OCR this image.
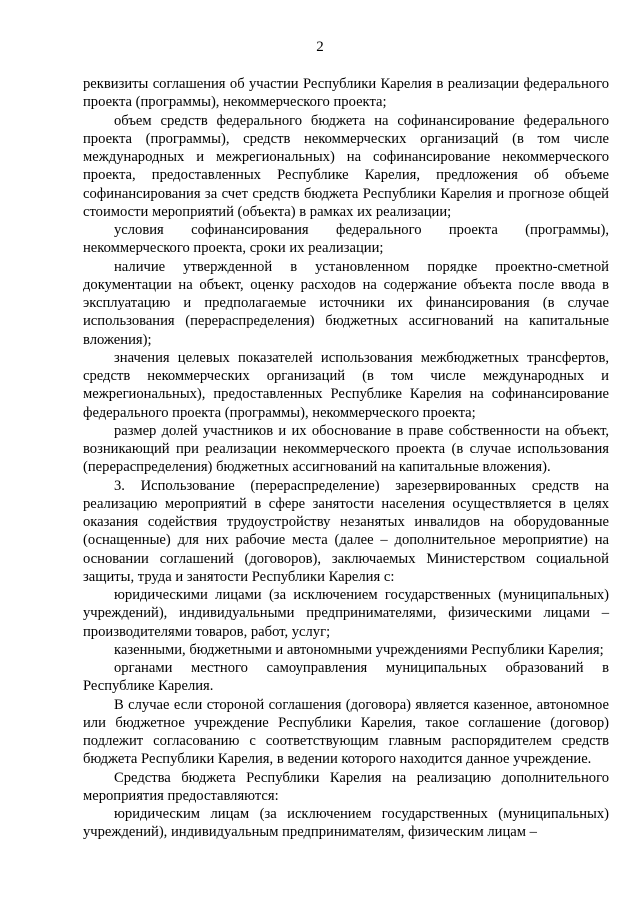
2

реквизиты соглашения об участии Республики Карелия в реализации федерального проекта (программы), некоммерческого проекта;

объем средств федерального бюджета на софинансирование федерального проекта (программы), средств некоммерческих организаций (в том числе международных и межрегиональных) на софинансирование некоммерческого проекта, предоставленных Республике Карелия, предложения об объеме софинансирования за счет средств бюджета Республики Карелия и прогнозе общей стоимости мероприятий (объекта) в рамках их реализации;

условия софинансирования федерального проекта (программы), некоммерческого проекта, сроки их реализации;

наличие утвержденной в установленном порядке проектно-сметной документации на объект, оценку расходов на содержание объекта после ввода в эксплуатацию и предполагаемые источники их финансирования (в случае использования (перераспределения) бюджетных ассигнований на капитальные вложения);

значения целевых показателей использования межбюджетных трансфертов, средств некоммерческих организаций (в том числе международных и межрегиональных), предоставленных Республике Карелия на софинансирование федерального проекта (программы), некоммерческого проекта;

размер долей участников и их обоснование в праве собственности на объект, возникающий при реализации некоммерческого проекта (в случае использования (перераспределения) бюджетных ассигнований на капитальные вложения).

3. Использование (перераспределение) зарезервированных средств на реализацию мероприятий в сфере занятости населения осуществляется в целях оказания содействия трудоустройству незанятых инвалидов на оборудованные (оснащенные) для них рабочие места (далее – дополнительное мероприятие) на основании соглашений (договоров), заключаемых Министерством социальной защиты, труда и занятости Республики Карелия с:

юридическими лицами (за исключением государственных (муниципальных) учреждений), индивидуальными предпринимателями, физическими лицами – производителями товаров, работ, услуг;

казенными, бюджетными и автономными учреждениями Республики Карелия;

органами местного самоуправления муниципальных образований в Республике Карелия.

В случае если стороной соглашения (договора) является казенное, автономное или бюджетное учреждение Республики Карелия, такое соглашение (договор) подлежит согласованию с соответствующим главным распорядителем средств бюджета Республики Карелия, в ведении которого находится данное учреждение.

Средства бюджета Республики Карелия на реализацию дополнительного мероприятия предоставляются:

юридическим лицам (за исключением государственных (муниципальных) учреждений), индивидуальным предпринимателям, физическим лицам –
